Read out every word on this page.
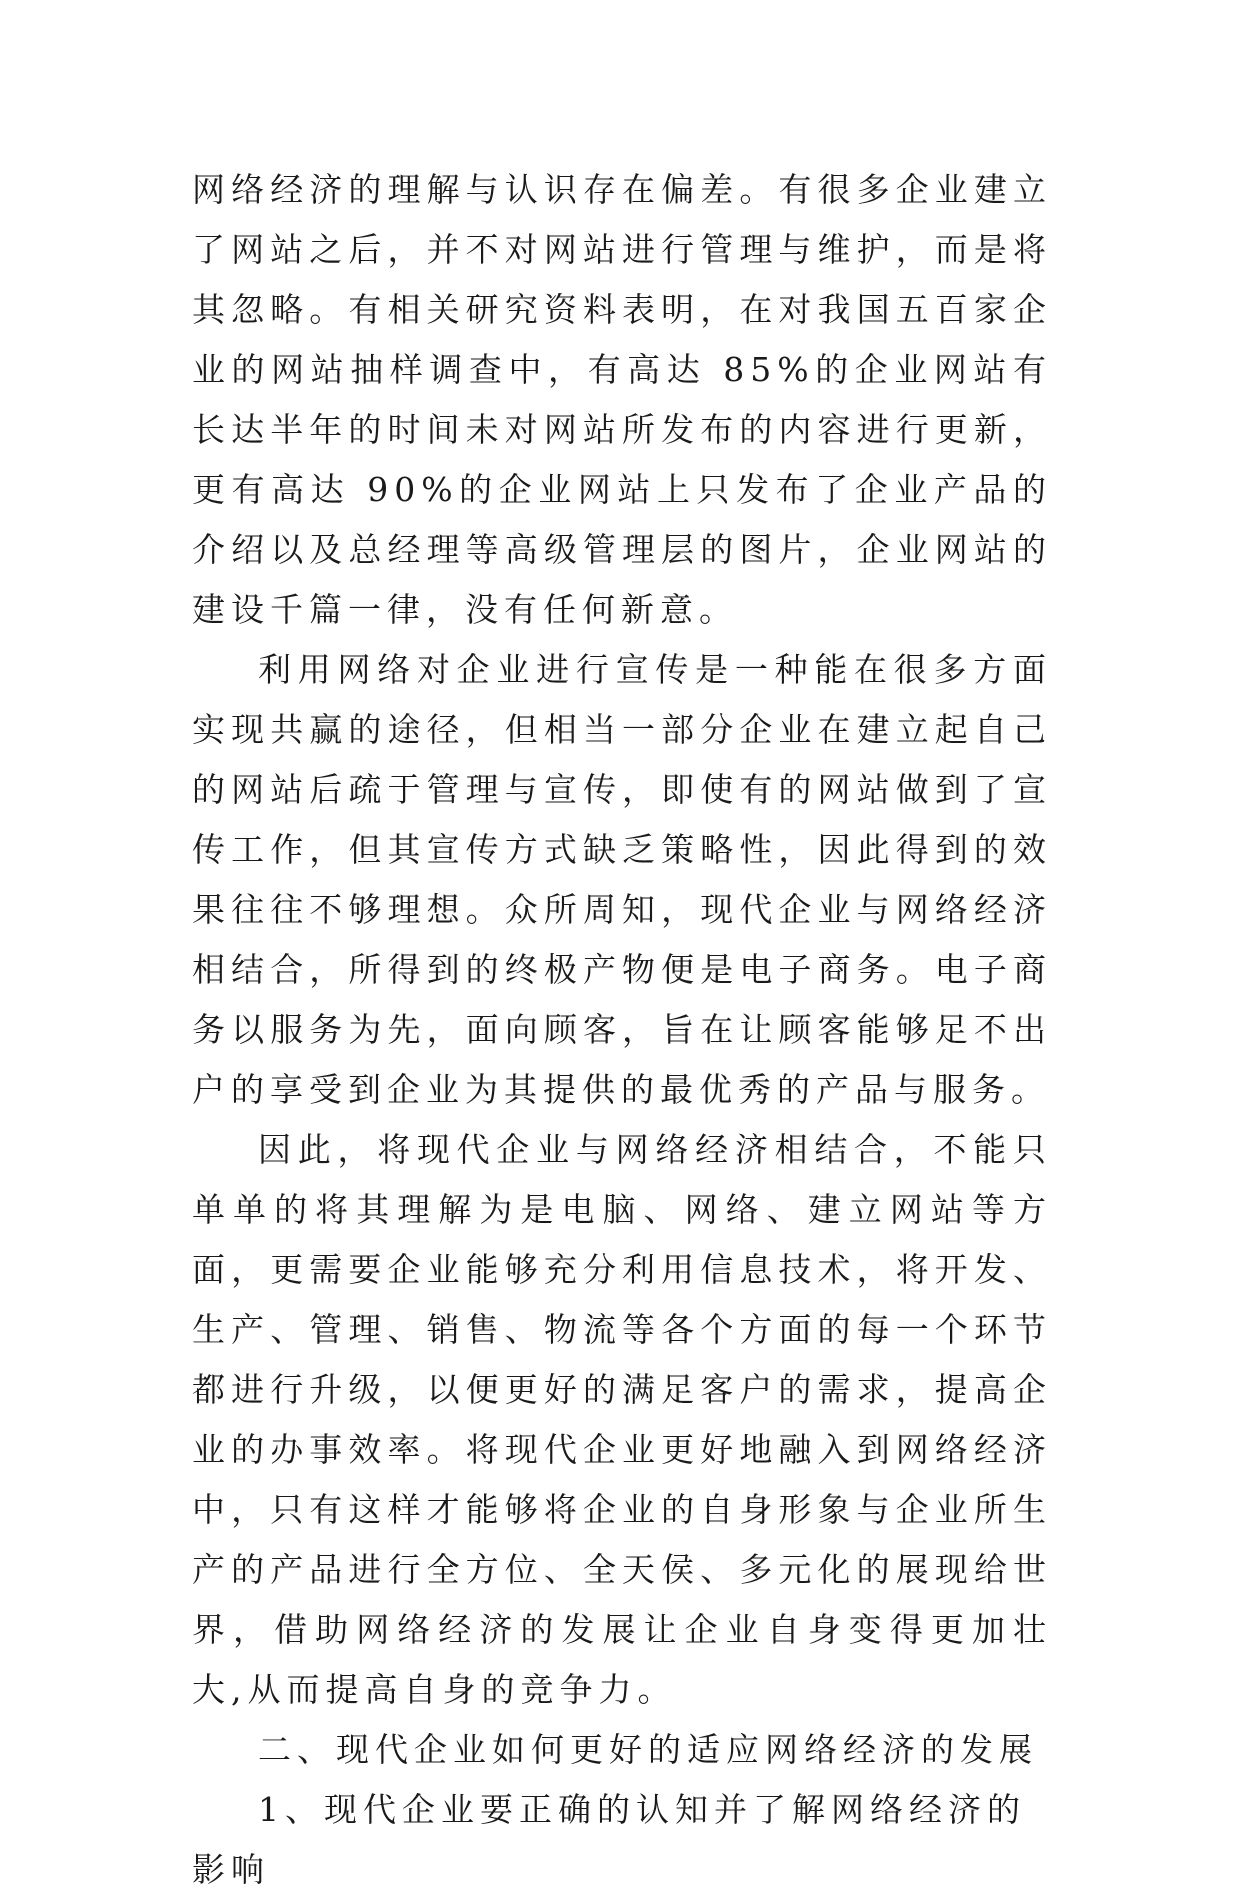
网络经济的理解与认识存在偏差。有很多企业建立了网站之后，并不对网站进行管理与维护，而是将其忽略。有相关研究资料表明，在对我国五百家企业的网站抽样调查中，有高达 85%的企业网站有长达半年的时间未对网站所发布的内容进行更新，更有高达 90%的企业网站上只发布了企业产品的介绍以及总经理等高级管理层的图片，企业网站的建设千篇一律，没有任何新意。

利用网络对企业进行宣传是一种能在很多方面实现共赢的途径，但相当一部分企业在建立起自己的网站后疏于管理与宣传，即使有的网站做到了宣传工作，但其宣传方式缺乏策略性，因此得到的效果往往不够理想。众所周知，现代企业与网络经济相结合，所得到的终极产物便是电子商务。电子商务以服务为先，面向顾客，旨在让顾客能够足不出户的享受到企业为其提供的最优秀的产品与服务。

因此，将现代企业与网络经济相结合，不能只单单的将其理解为是电脑、网络、建立网站等方面，更需要企业能够充分利用信息技术，将开发、生产、管理、销售、物流等各个方面的每一个环节都进行升级，以便更好的满足客户的需求，提高企业的办事效率。将现代企业更好地融入到网络经济中，只有这样才能够将企业的自身形象与企业所生产的产品进行全方位、全天侯、多元化的展现给世界，借助网络经济的发展让企业自身变得更加壮大,从而提高自身的竞争力。

二、现代企业如何更好的适应网络经济的发展

1、现代企业要正确的认知并了解网络经济的影响
